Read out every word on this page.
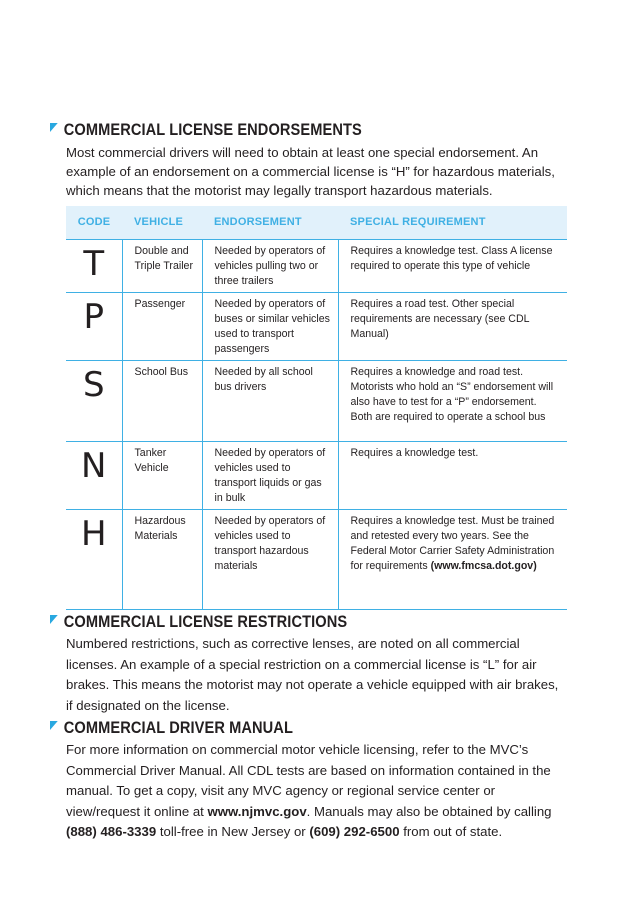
COMMERCIAL LICENSE ENDORSEMENTS
Most commercial drivers will need to obtain at least one special endorsement. An example of an endorsement on a commercial license is “H” for hazardous materials, which means that the motorist may legally transport hazardous materials.
CODE	VEHICLE	ENDORSEMENT	SPECIAL REQUIREMENT
T	Double and Triple Trailer	Needed by operators of vehicles pulling two or three trailers	Requires a knowledge test. Class A license required to operate this type of vehicle
P	Passenger	Needed by operators of buses or similar vehicles used to transport passengers	Requires a road test. Other special requirements are necessary (see CDL Manual)
S	School Bus	Needed by all school bus drivers	Requires a knowledge and road test. Motorists who hold an “S” endorsement will also have to test for a “P” endorsement. Both are required to operate a school bus
N	Tanker Vehicle	Needed by operators of vehicles used to transport liquids or gas in bulk	Requires a knowledge test.
H	Hazardous Materials	Needed by operators of vehicles used to transport hazardous materials	Requires a knowledge test. Must be trained and retested every two years. See the Federal Motor Carrier Safety Administration for requirements (www.fmcsa.dot.gov)
COMMERCIAL LICENSE RESTRICTIONS
Numbered restrictions, such as corrective lenses, are noted on all commercial licenses. An example of a special restriction on a commercial license is “L” for air brakes. This means the motorist may not operate a vehicle equipped with air brakes, if designated on the license.
COMMERCIAL DRIVER MANUAL
For more information on commercial motor vehicle licensing, refer to the MVC’s Commercial Driver Manual. All CDL tests are based on information contained in the manual. To get a copy, visit any MVC agency or regional service center or view/request it online at www.njmvc.gov. Manuals may also be obtained by calling (888) 486-3339 toll-free in New Jersey or (609) 292-6500 from out of state.
